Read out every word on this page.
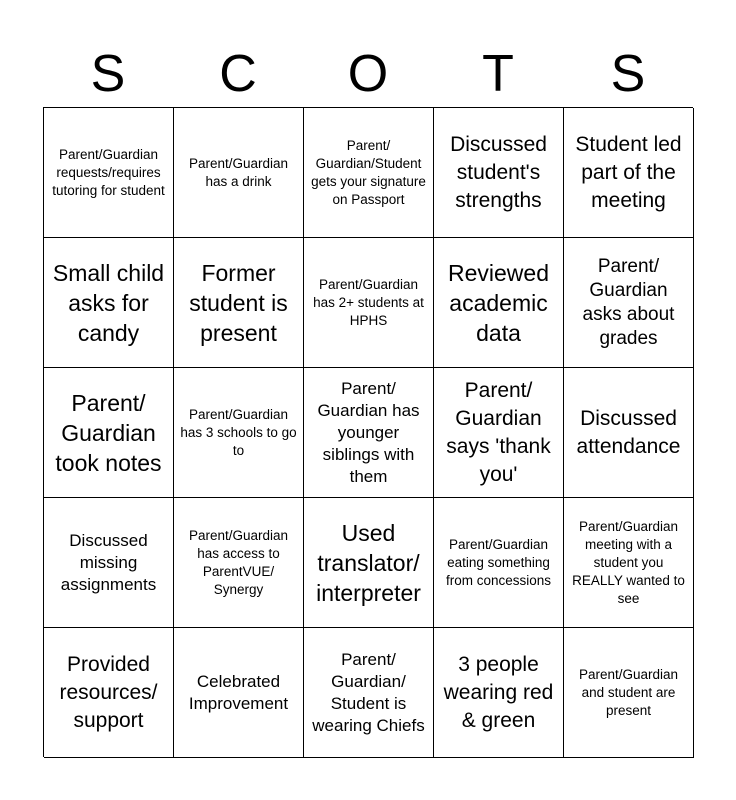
S	C	O	T	S
Parent/Guardian requests/requires tutoring for student
Parent/Guardian has a drink
Parent/ Guardian/Student gets your signature on Passport
Discussed student's strengths
Student led part of the meeting
Small child asks for candy
Former student is present
Parent/Guardian has 2+ students at HPHS
Reviewed academic data
Parent/ Guardian asks about grades
Parent/ Guardian took notes
Parent/Guardian has 3 schools to go to
Parent/ Guardian has younger siblings with them
Parent/ Guardian says 'thank you'
Discussed attendance
Discussed missing assignments
Parent/Guardian has access to ParentVUE/ Synergy
Used translator/ interpreter
Parent/Guardian eating something from concessions
Parent/Guardian meeting with a student you REALLY wanted to see
Provided resources/ support
Celebrated Improvement
Parent/ Guardian/ Student is wearing Chiefs
3 people wearing red & green
Parent/Guardian and student are present
